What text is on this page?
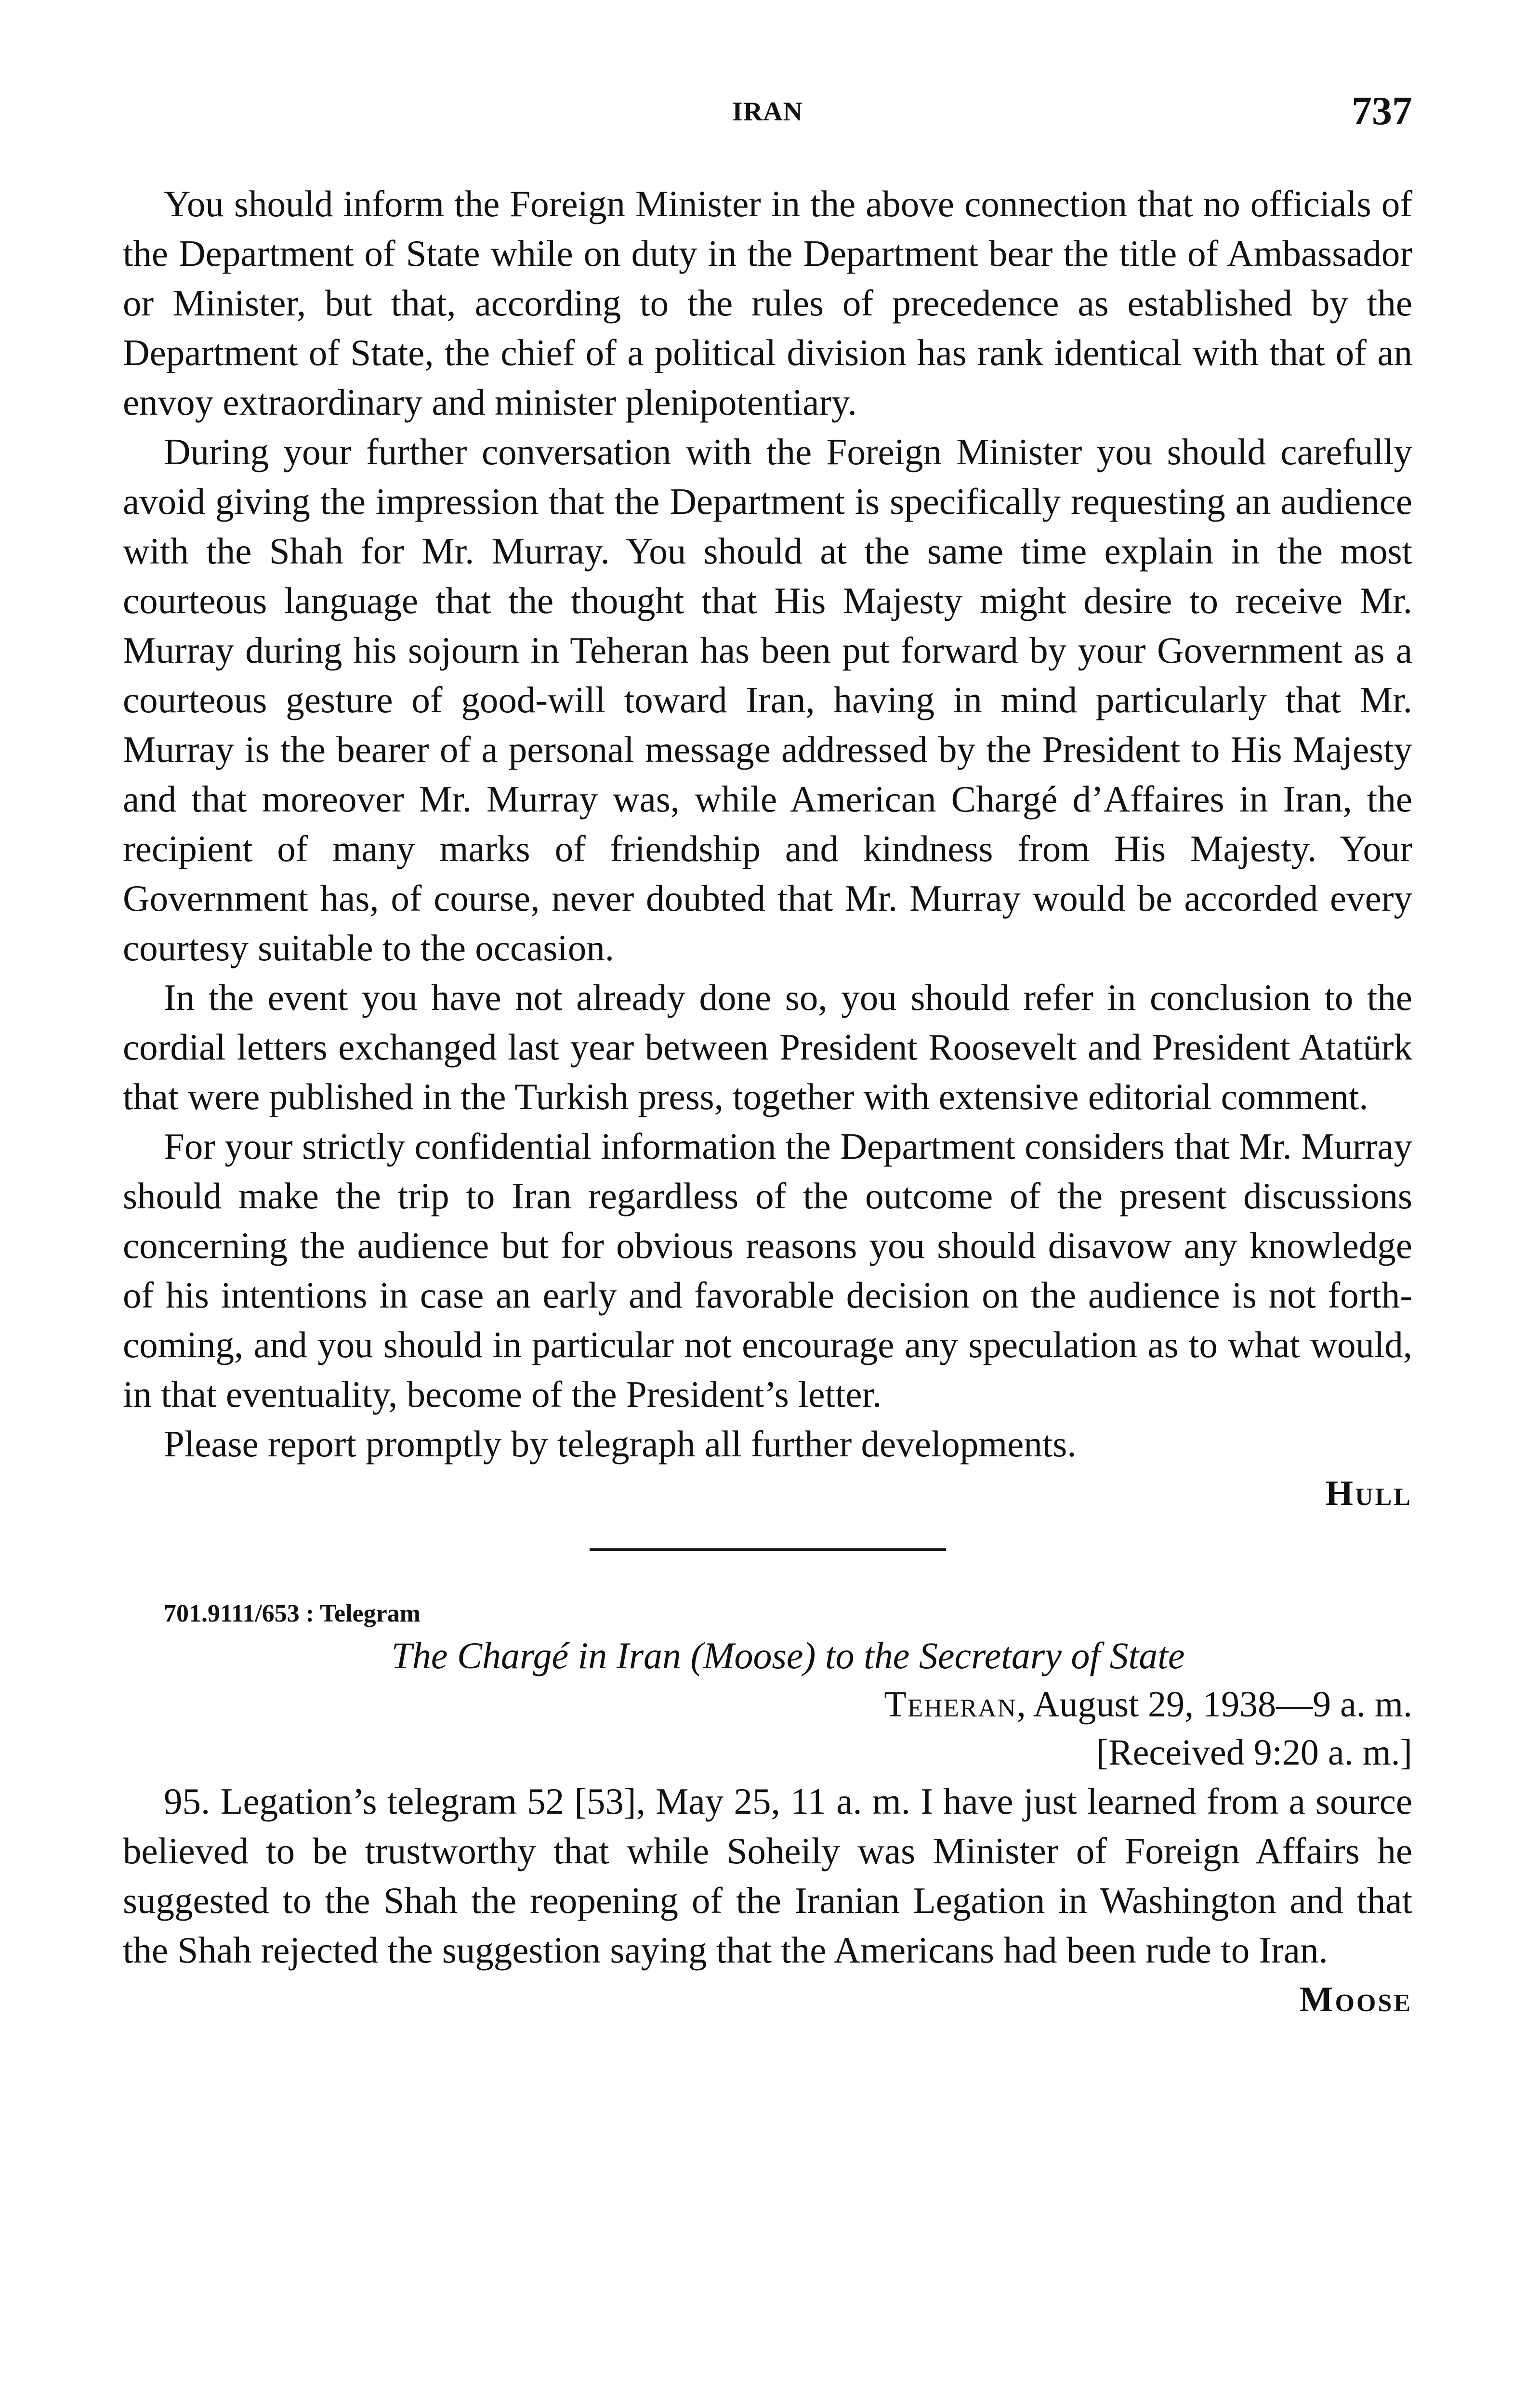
IRAN	737

You should inform the Foreign Minister in the above connection that no officials of the Department of State while on duty in the Department bear the title of Ambassador or Minister, but that, according to the rules of precedence as established by the Department of State, the chief of a political division has rank identical with that of an envoy extraordinary and minister plenipotentiary.

During your further conversation with the Foreign Minister you should carefully avoid giving the impression that the Department is specifically requesting an audience with the Shah for Mr. Murray. You should at the same time explain in the most courteous language that the thought that His Majesty might desire to receive Mr. Murray during his sojourn in Teheran has been put forward by your Government as a courteous gesture of good-will toward Iran, having in mind particularly that Mr. Murray is the bearer of a personal message addressed by the President to His Majesty and that moreover Mr. Murray was, while American Chargé d’Affaires in Iran, the recipient of many marks of friendship and kindness from His Majesty. Your Government has, of course, never doubted that Mr. Murray would be accorded every courtesy suitable to the occasion.

In the event you have not already done so, you should refer in conclusion to the cordial letters exchanged last year between President Roosevelt and President Atatürk that were published in the Turkish press, together with extensive editorial comment.

For your strictly confidential information the Department considers that Mr. Murray should make the trip to Iran regardless of the outcome of the present discussions concerning the audience but for obvious reasons you should disavow any knowledge of his intentions in case an early and favorable decision on the audience is not forthcoming, and you should in particular not encourage any speculation as to what would, in that eventuality, become of the President’s letter.

Please report promptly by telegraph all further developments.

Hull

701.9111/653 : Telegram

The Chargé in Iran (Moose) to the Secretary of State

Teheran, August 29, 1938—9 a. m.

[Received 9:20 a. m.]

95. Legation’s telegram 52 [53], May 25, 11 a. m. I have just learned from a source believed to be trustworthy that while Soheily was Minister of Foreign Affairs he suggested to the Shah the reopening of the Iranian Legation in Washington and that the Shah rejected the suggestion saying that the Americans had been rude to Iran.

Moose
